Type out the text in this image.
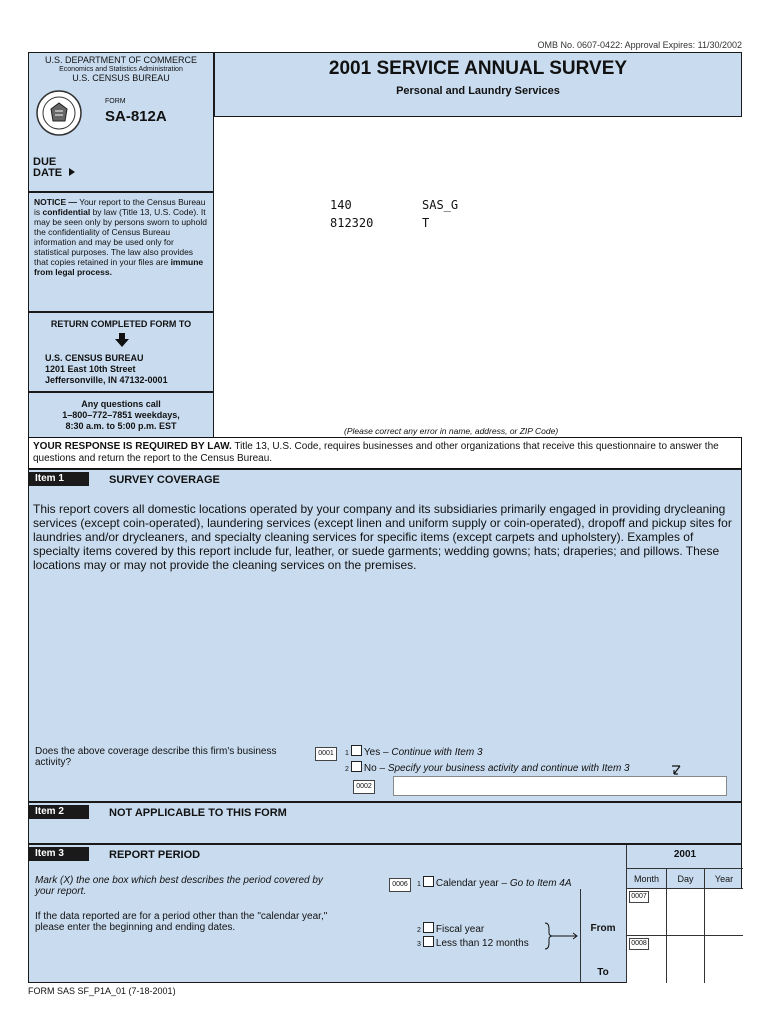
OMB No. 0607-0422: Approval Expires: 11/30/2002
U.S. DEPARTMENT OF COMMERCE
Economics and Statistics Administration
U.S. CENSUS BUREAU
FORM
SA-812A
DUE
DATE
NOTICE — Your report to the Census Bureau is confidential by law (Title 13, U.S. Code). It may be seen only by persons sworn to uphold the confidentiality of Census Bureau information and may be used only for statistical purposes. The law also provides that copies retained in your files are immune from legal process.
RETURN COMPLETED FORM TO
U.S. CENSUS BUREAU
1201 East 10th Street
Jeffersonville, IN 47132-0001
Any questions call
1–800–772–7851 weekdays,
8:30 a.m. to 5:00 p.m. EST
2001 SERVICE ANNUAL SURVEY
Personal and Laundry Services
140	SAS_G
812320	T
(Please correct any error in name, address, or ZIP Code)
YOUR RESPONSE IS REQUIRED BY LAW. Title 13, U.S. Code, requires businesses and other organizations that receive this questionnaire to answer the questions and return the report to the Census Bureau.
Item 1	SURVEY COVERAGE
This report covers all domestic locations operated by your company and its subsidiaries primarily engaged in providing drycleaning services (except coin-operated), laundering services (except linen and uniform supply or coin-operated), dropoff and pickup sites for laundries and/or drycleaners, and specialty cleaning services for specific items (except carpets and upholstery). Examples of specialty items covered by this report include fur, leather, or suede garments; wedding gowns; hats; draperies; and pillows. These locations may or may not provide the cleaning services on the premises.
Does the above coverage describe this firm's business activity?
0001	1 Yes – Continue with Item 3
2 No – Specify your business activity and continue with Item 3
0002
Item 2	NOT APPLICABLE TO THIS FORM
Item 3	REPORT PERIOD
Mark (X) the one box which best describes the period covered by your report.
If the data reported are for a period other than the "calendar year," please enter the beginning and ending dates.
0006	1 Calendar year – Go to Item 4A
2 Fiscal year
3 Less than 12 months
From
To
2001
Month	Day	Year
0007
0008
FORM SAS SF_P1A_01 (7-18-2001)
